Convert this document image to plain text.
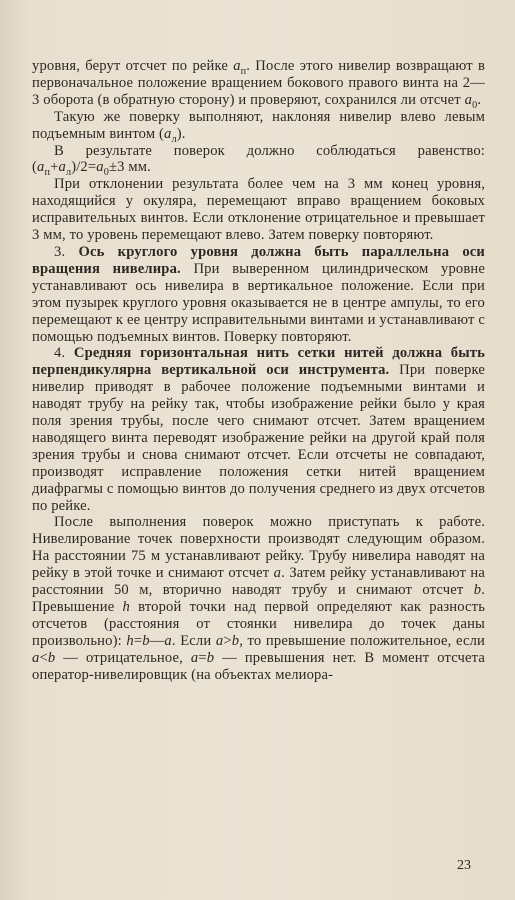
уровня, берут отсчет по рейке $a_п$. После этого нивелир возвращают в первоначальное положение вращением бокового правого винта на 2—3 оборота (в обратную сторону) и проверяют, сохранился ли отсчет $a_0$.

Такую же поверку выполняют, наклоняя нивелир влево левым подъемным винтом $(a_л)$.

В результате поверок должно соблюдаться равенство: $(a_п+a_л)/2=a_0\pm 3$ мм.

При отклонении результата более чем на 3 мм конец уровня, находящийся у окуляра, перемещают вправо вращением боковых исправительных винтов. Если отклонение отрицательное и превышает 3 мм, то уровень перемещают влево. Затем поверку повторяют.

3. Ось круглого уровня должна быть параллельна оси вращения нивелира. При выверенном цилиндрическом уровне устанавливают ось нивелира в вертикальное положение. Если при этом пузырек круглого уровня оказывается не в центре ампулы, то его перемещают к ее центру исправительными винтами и устанавливают с помощью подъемных винтов. Поверку повторяют.

4. Средняя горизонтальная нить сетки нитей должна быть перпендикулярна вертикальной оси инструмента. При поверке нивелир приводят в рабочее положение подъемными винтами и наводят трубу на рейку так, чтобы изображение рейки было у края поля зрения трубы, после чего снимают отсчет. Затем вращением наводящего винта переводят изображение рейки на другой край поля зрения трубы и снова снимают отсчет. Если отсчеты не совпадают, производят исправление положения сетки нитей вращением диафрагмы с помощью винтов до получения среднего из двух отсчетов по рейке.

После выполнения поверок можно приступать к работе. Нивелирование точек поверхности производят следующим образом. На расстоянии 75 м устанавливают рейку. Трубу нивелира наводят на рейку в этой точке и снимают отсчет a. Затем рейку устанавливают на расстоянии 50 м, вторично наводят трубу и снимают отсчет b. Превышение h второй точки над первой определяют как разность отсчетов (расстояния от стоянки нивелира до точек даны произвольно): h=b—a. Если a>b, то превышение положительное, если a<b — отрицательное, a=b — превышения нет. В момент отсчета оператор-нивелировщик (на объектах мелиора-

23
